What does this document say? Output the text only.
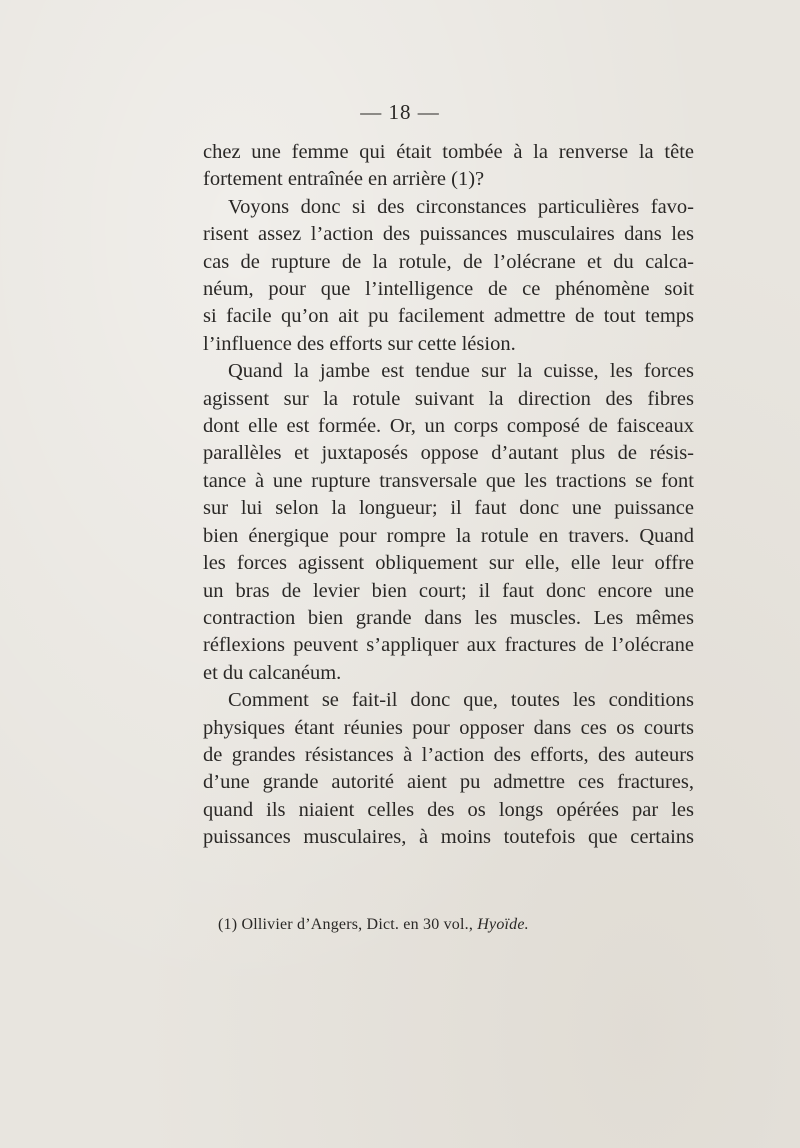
— 18 —
chez une femme qui était tombée à la renverse la tête
fortement entraînée en arrière (1)?
Voyons donc si des circonstances particulières favo-
risent assez l’action des puissances musculaires dans les
cas de rupture de la rotule, de l’olécrane et du calca-
néum, pour que l’intelligence de ce phénomène soit
si facile qu’on ait pu facilement admettre de tout temps
l’influence des efforts sur cette lésion.
Quand la jambe est tendue sur la cuisse, les forces
agissent sur la rotule suivant la direction des fibres
dont elle est formée. Or, un corps composé de faisceaux
parallèles et juxtaposés oppose d’autant plus de résis-
tance à une rupture transversale que les tractions se font
sur lui selon la longueur; il faut donc une puissance
bien énergique pour rompre la rotule en travers. Quand
les forces agissent obliquement sur elle, elle leur offre
un bras de levier bien court; il faut donc encore une
contraction bien grande dans les muscles. Les mêmes
réflexions peuvent s’appliquer aux fractures de l’olécrane
et du calcanéum.
Comment se fait-il donc que, toutes les conditions
physiques étant réunies pour opposer dans ces os courts
de grandes résistances à l’action des efforts, des auteurs
d’une grande autorité aient pu admettre ces fractures,
quand ils niaient celles des os longs opérées par les
puissances musculaires, à moins toutefois que certains
(1) Ollivier d’Angers, Dict. en 30 vol., Hyoïde.
